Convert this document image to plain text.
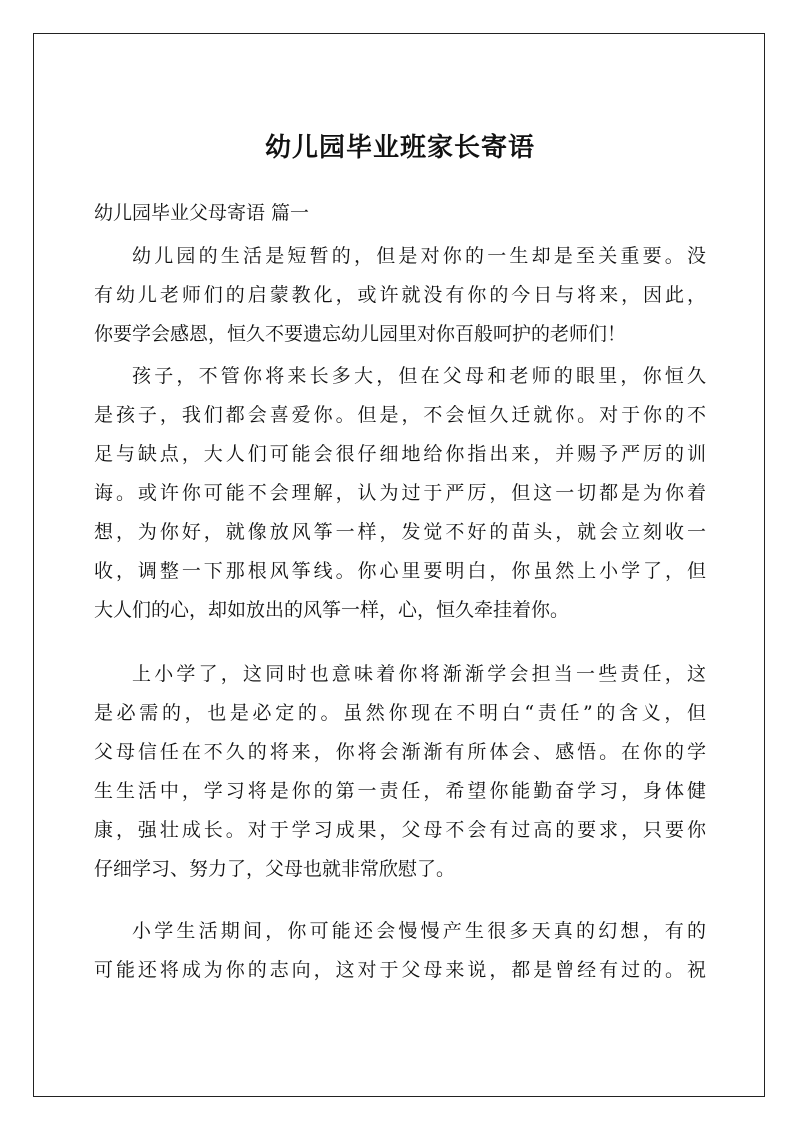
幼儿园毕业班家长寄语

幼儿园毕业父母寄语 篇一

幼儿园的生活是短暂的，但是对你的一生却是至关重要。没
有幼儿老师们的启蒙教化，或许就没有你的今日与将来，因此，
你要学会感恩，恒久不要遗忘幼儿园里对你百般呵护的老师们！
孩子，不管你将来长多大，但在父母和老师的眼里，你恒久
是孩子，我们都会喜爱你。但是，不会恒久迁就你。对于你的不
足与缺点，大人们可能会很仔细地给你指出来，并赐予严厉的训
诲。或许你可能不会理解，认为过于严厉，但这一切都是为你着
想，为你好，就像放风筝一样，发觉不好的苗头，就会立刻收一
收，调整一下那根风筝线。你心里要明白，你虽然上小学了，但
大人们的心，却如放出的风筝一样，心，恒久牵挂着你。
上小学了，这同时也意味着你将渐渐学会担当一些责任，这
是必需的，也是必定的。虽然你现在不明白“责任”的含义，但
父母信任在不久的将来，你将会渐渐有所体会、感悟。在你的学
生生活中，学习将是你的第一责任，希望你能勤奋学习，身体健
康，强壮成长。对于学习成果，父母不会有过高的要求，只要你
仔细学习、努力了，父母也就非常欣慰了。
小学生活期间，你可能还会慢慢产生很多天真的幻想，有的
可能还将成为你的志向，这对于父母来说，都是曾经有过的。祝
